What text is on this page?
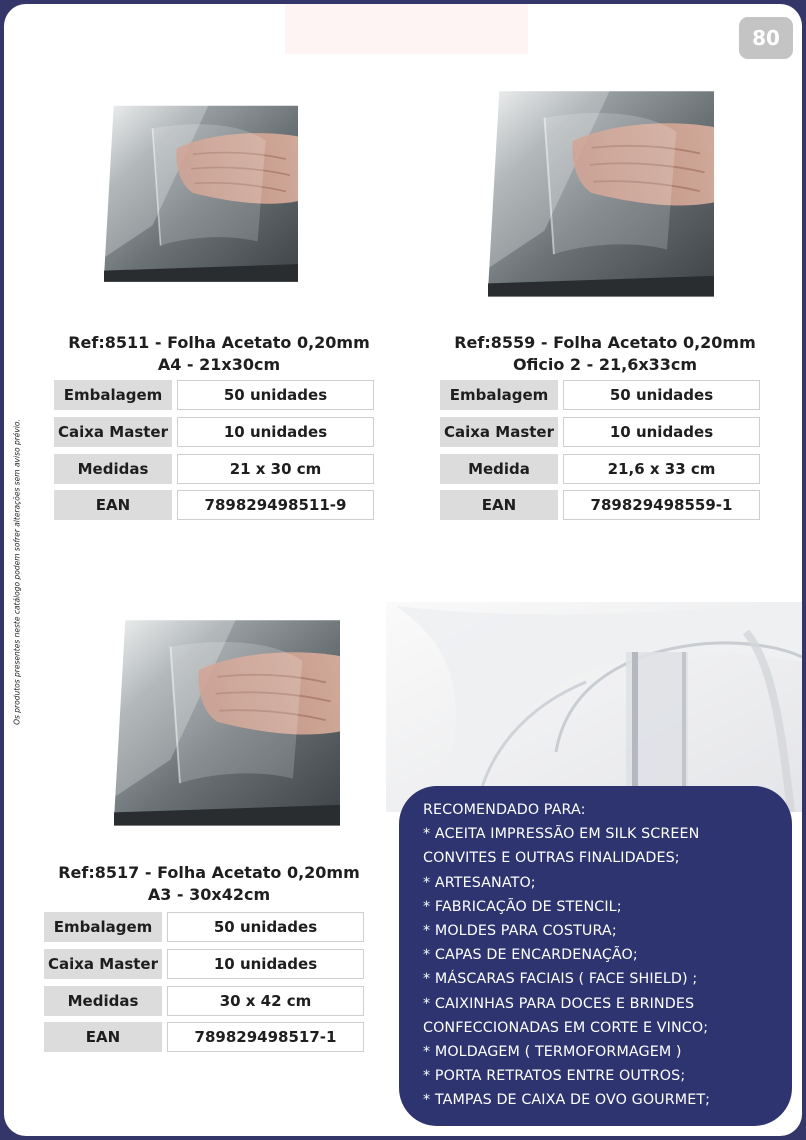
80
Os produtos presentes neste catálogo podem sofrer alterações sem aviso prévio.
Ref:8511 - Folha Acetato 0,20mm
A4 - 21x30cm
Embalagem	50 unidades
Caixa Master	10 unidades
Medidas	21 x 30 cm
EAN	789829498511-9
Ref:8559 - Folha Acetato 0,20mm
Oficio 2 - 21,6x33cm
Embalagem	50 unidades
Caixa Master	10 unidades
Medida	21,6 x 33 cm
EAN	789829498559-1
Ref:8517 - Folha Acetato 0,20mm
A3 - 30x42cm
Embalagem	50 unidades
Caixa Master	10 unidades
Medidas	30 x 42 cm
EAN	789829498517-1
RECOMENDADO PARA:
* ACEITA IMPRESSÃO EM SILK SCREEN
CONVITES E OUTRAS FINALIDADES;
* ARTESANATO;
* FABRICAÇÃO DE STENCIL;
* MOLDES PARA COSTURA;
* CAPAS DE ENCARDENAÇÃO;
* MÁSCARAS FACIAIS ( FACE SHIELD) ;
* CAIXINHAS PARA DOCES E BRINDES
CONFECCIONADAS EM CORTE E VINCO;
* MOLDAGEM ( TERMOFORMAGEM )
* PORTA RETRATOS ENTRE OUTROS;
* TAMPAS DE CAIXA DE OVO GOURMET;
